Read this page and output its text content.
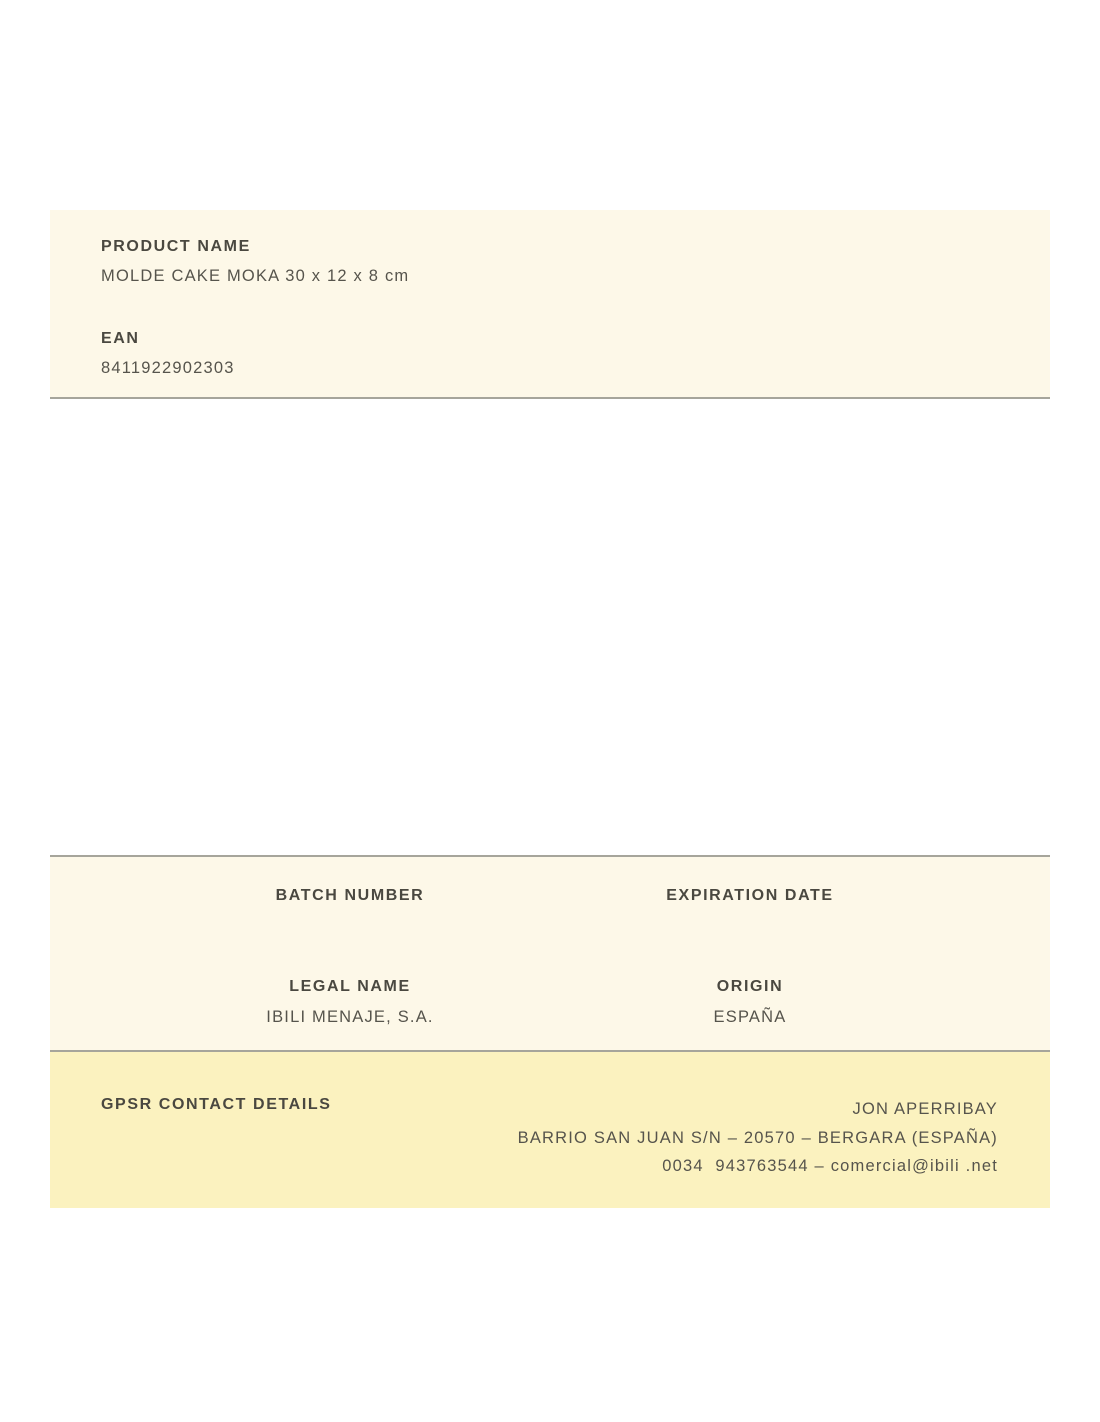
PRODUCT NAME
MOLDE CAKE MOKA 30 x 12 x 8 cm
EAN
8411922902303
BATCH NUMBER	EXPIRATION DATE
LEGAL NAME
IBILI MENAJE, S.A.
ORIGIN
ESPAÑA
GPSR CONTACT DETAILS	JON APERRIBAY
BARRIO SAN JUAN S/N – 20570 – BERGARA (ESPAÑA)
0034  943763544 – comercial@ibili .net
